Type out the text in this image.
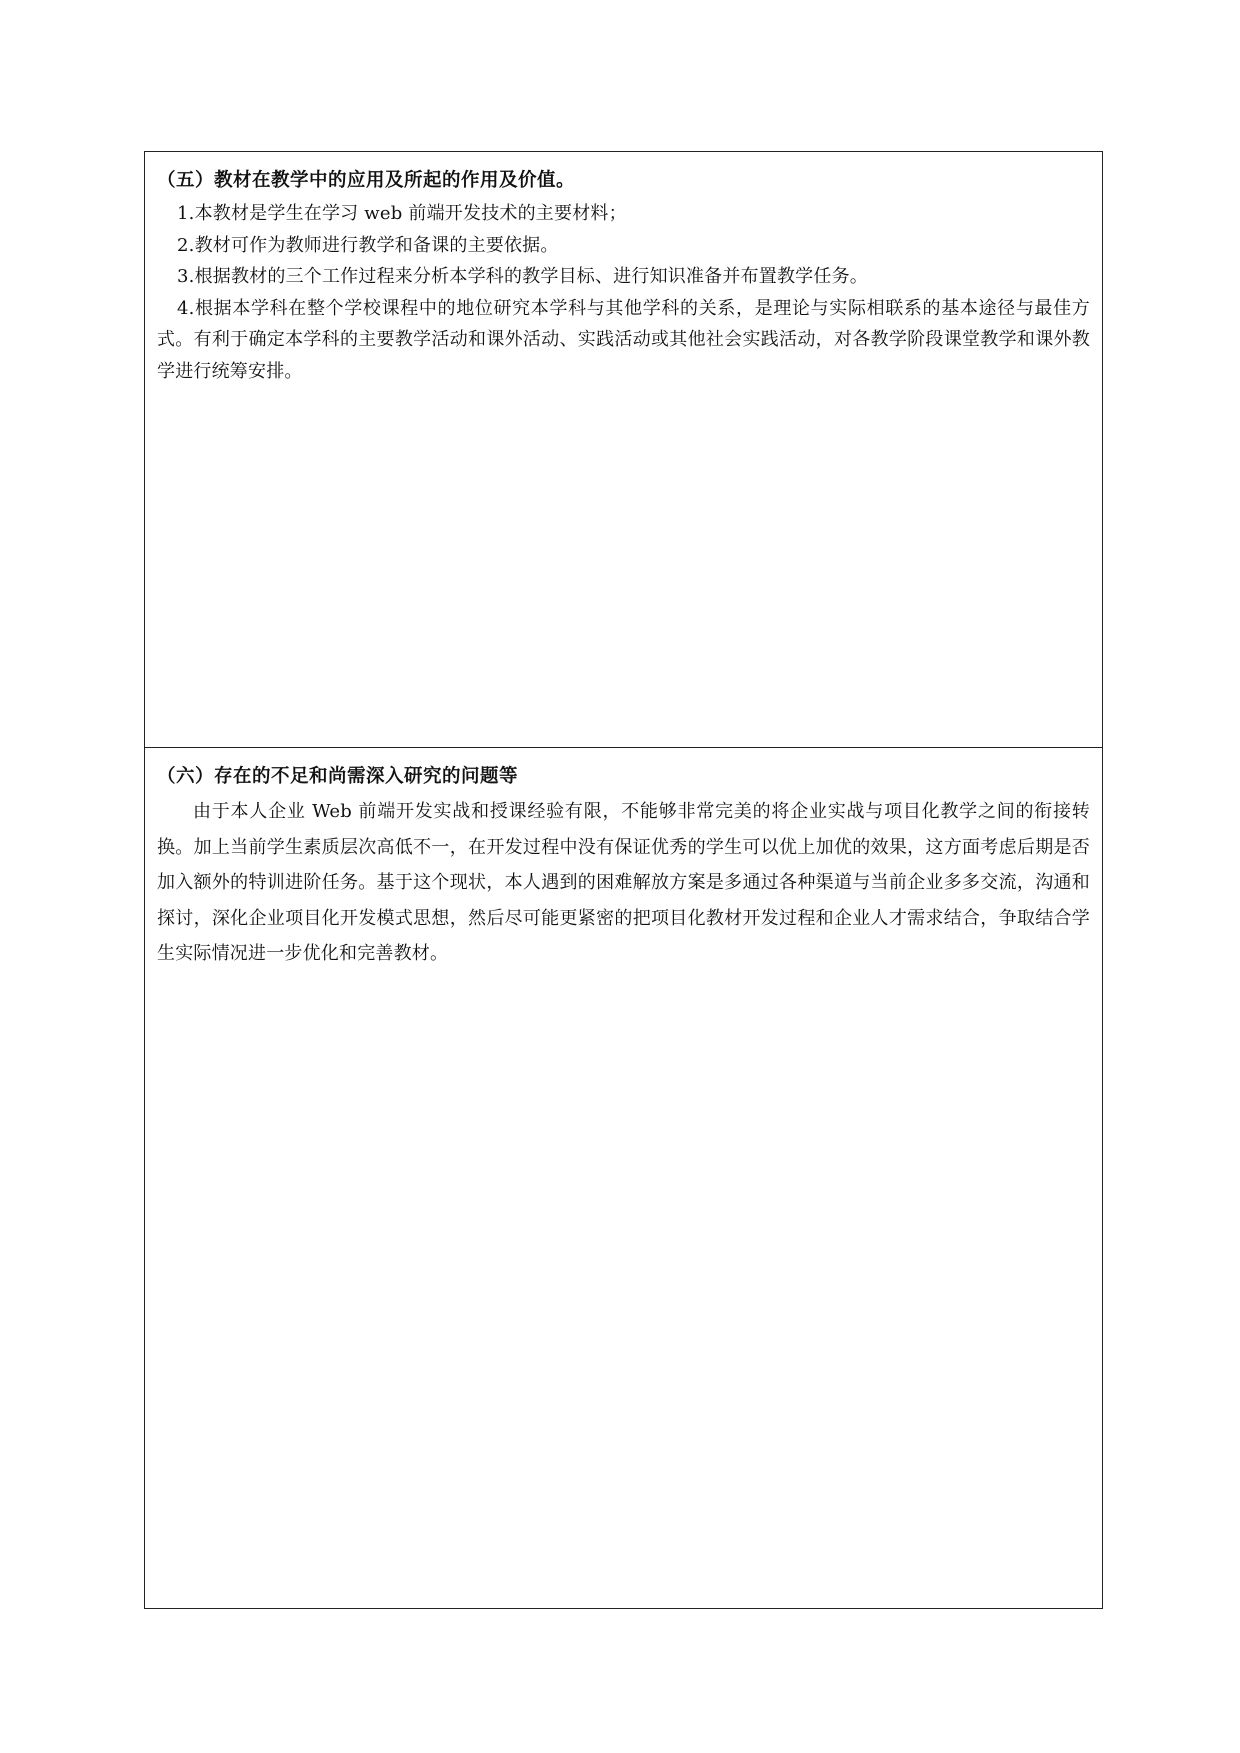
（五）教材在教学中的应用及所起的作用及价值。

1.本教材是学生在学习 web 前端开发技术的主要材料；

2.教材可作为教师进行教学和备课的主要依据。

3.根据教材的三个工作过程来分析本学科的教学目标、进行知识准备并布置教学任务。

4.根据本学科在整个学校课程中的地位研究本学科与其他学科的关系，是理论与实际相联系的基本途径与最佳方式。有利于确定本学科的主要教学活动和课外活动、实践活动或其他社会实践活动，对各教学阶段课堂教学和课外教学进行统筹安排。

（六）存在的不足和尚需深入研究的问题等

由于本人企业 Web 前端开发实战和授课经验有限，不能够非常完美的将企业实战与项目化教学之间的衔接转换。加上当前学生素质层次高低不一，在开发过程中没有保证优秀的学生可以优上加优的效果，这方面考虑后期是否加入额外的特训进阶任务。基于这个现状，本人遇到的困难解放方案是多通过各种渠道与当前企业多多交流，沟通和探讨，深化企业项目化开发模式思想，然后尽可能更紧密的把项目化教材开发过程和企业人才需求结合，争取结合学生实际情况进一步优化和完善教材。
